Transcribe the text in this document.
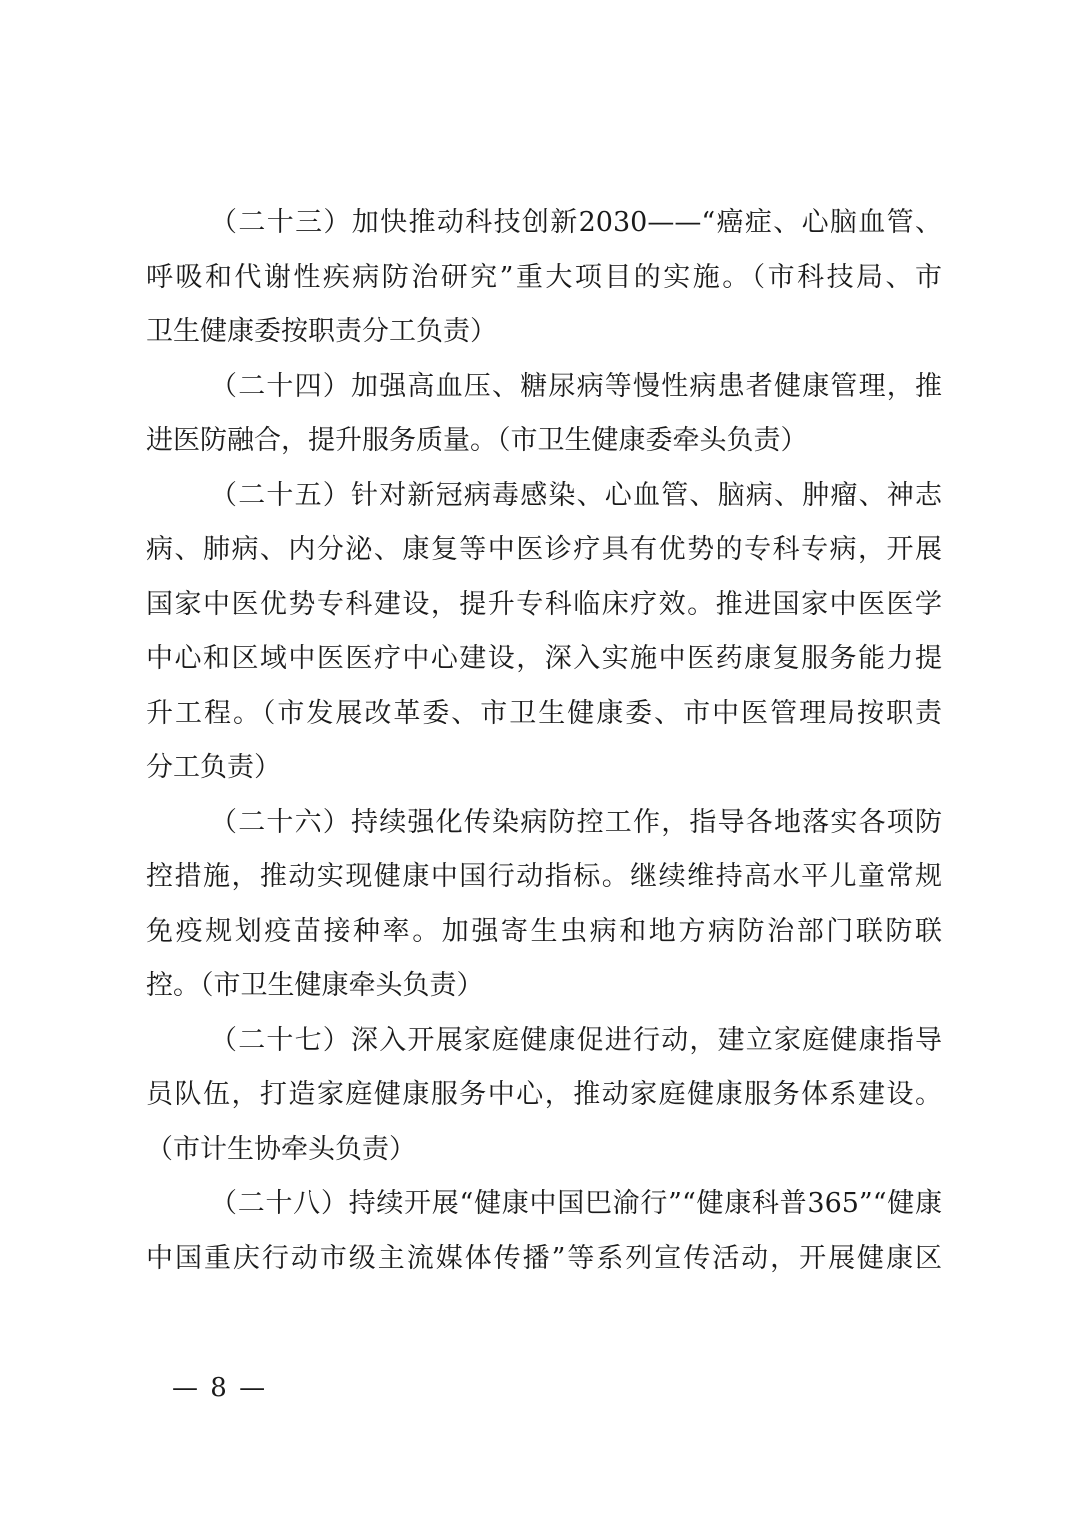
（二十三）加快推动科技创新2030——“癌症、心脑血管、
呼吸和代谢性疾病防治研究”重大项目的实施。（市科技局、市
卫生健康委按职责分工负责）
（二十四）加强高血压、糖尿病等慢性病患者健康管理，推
进医防融合，提升服务质量。（市卫生健康委牵头负责）
（二十五）针对新冠病毒感染、心血管、脑病、肿瘤、神志
病、肺病、内分泌、康复等中医诊疗具有优势的专科专病，开展
国家中医优势专科建设，提升专科临床疗效。推进国家中医医学
中心和区域中医医疗中心建设，深入实施中医药康复服务能力提
升工程。（市发展改革委、市卫生健康委、市中医管理局按职责
分工负责）
（二十六）持续强化传染病防控工作，指导各地落实各项防
控措施，推动实现健康中国行动指标。继续维持高水平儿童常规
免疫规划疫苗接种率。加强寄生虫病和地方病防治部门联防联
控。（市卫生健康牵头负责）
（二十七）深入开展家庭健康促进行动，建立家庭健康指导
员队伍，打造家庭健康服务中心，推动家庭健康服务体系建设。
（市计生协牵头负责）
（二十八）持续开展“健康中国巴渝行”“健康科普365”“健康
中国重庆行动市级主流媒体传播”等系列宣传活动，开展健康区
— 8 —
